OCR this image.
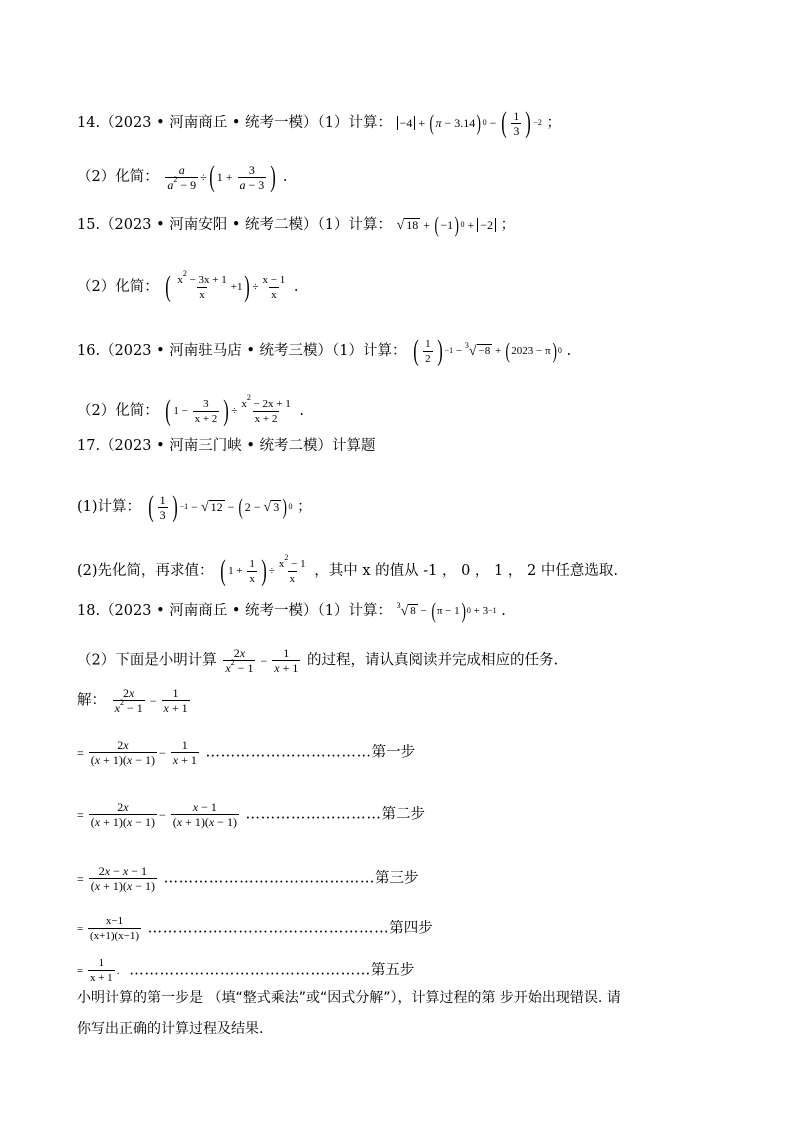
14.（2023 • 河南商丘 • 统考一模）（1）计算： −4 + ( π − 3.14 ) 0 − ( $\frac{1}{3}$ ) −2 ；
（2）化简： $\frac{a}{a^2 - 9}$ ÷ ( $1 + \frac{3}{a - 3}$ ) .
15.（2023 • 河南安阳 • 统考二模）（1）计算： √ 18 + ( −1 ) 0 + −2 ；
（2）化简： ( $\frac{x^2 - 3x + 1}{x} +1$ ) ÷ $\frac{x - 1}{x}$ .
16.（2023 • 河南驻马店 • 统考三模）（1）计算： ( $\frac{1}{2}$ ) −1 − $^3$√ −8 + ( 2023 − π ) 0 .
（2）化简： ( $1 - \frac{3}{x + 2}$ ) ÷ $\frac{x^2 - 2x + 1}{x + 2}$ .
17.（2023 • 河南三门峡 • 统考二模）计算题
(1)计算： ( $\frac{1}{3}$ ) −1 − √ 12 − ( 2 − √ 3 ) 0 ；
(2)先化简，再求值： ( $1 + \frac{1}{x}$ ) ÷ $\frac{x^2 - 1}{x}$ ，其中 x 的值从 -1 ， 0 ， 1 ， 2 中任意选取.
18.（2023 • 河南商丘 • 统考一模）（1）计算： $^3$√ 8 − ( π − 1 ) 0 + 3 −1 .
（2）下面是小明计算 $\frac{2x}{x^2 - 1} - \frac{1}{x + 1}$ 的过程，请认真阅读并完成相应的任务.
解： $\frac{2x}{x^2 - 1} - \frac{1}{x + 1}$
= $\frac{2x}{(x + 1)(x - 1)} - \frac{1}{x + 1}$ ……………………………第一步
= $\frac{2x}{(x + 1)(x - 1)} - \frac{x - 1}{(x + 1)(x - 1)}$ ………………………第二步
= $\frac{2x - x - 1}{(x + 1)(x - 1)}$ ……………………………………第三步
= $\frac{x-1}{(x+1)(x-1)}$ …………………………………………第四步
= $\frac{1}{x + 1}$ .  …………………………………………第五步
小明计算的第一步是 （填“整式乘法”或“因式分解”），计算过程的第 步开始出现错误. 请
你写出正确的计算过程及结果.
